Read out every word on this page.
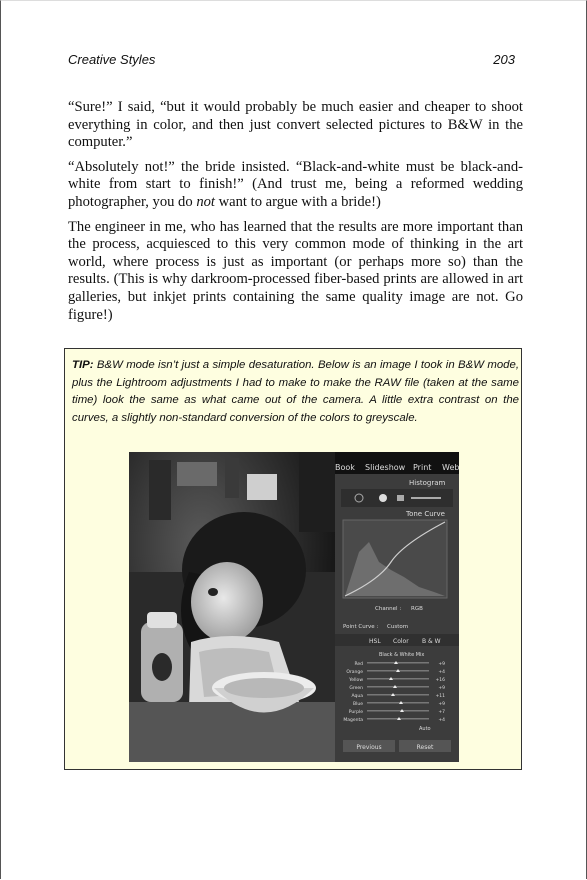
Creative Styles	203

“Sure!” I said, “but it would probably be much easier and cheaper to shoot everything in color, and then just convert selected pictures to B&W in the computer.”

“Absolutely not!” the bride insisted. “Black-and-white must be black-and-white from start to finish!” (And trust me, being a reformed wedding photographer, you do not want to argue with a bride!)

The engineer in me, who has learned that the results are more important than the process, acquiesced to this very common mode of thinking in the art world, where process is just as important (or perhaps more so) than the results. (This is why darkroom-processed fiber-based prints are allowed in art galleries, but inkjet prints containing the same quality image are not. Go figure!)

TIP: B&W mode isn’t just a simple desaturation. Below is an image I took in B&W mode, plus the Lightroom adjustments I had to make to make the RAW file (taken at the same time) look the same as what came out of the camera. A little extra contrast on the curves, a slightly non-standard conversion of the colors to greyscale.
Book Slideshow Print Web
Histogram
Tone Curve
Channel : RGB
Point Curve : Custom
HSL Color B & W
Black & White Mix
Red	+9
Orange	+4
Yellow	+16
Green	+9
Aqua	+11
Blue	+9
Purple	+7
Magenta	+4
Auto
Previous	Reset
